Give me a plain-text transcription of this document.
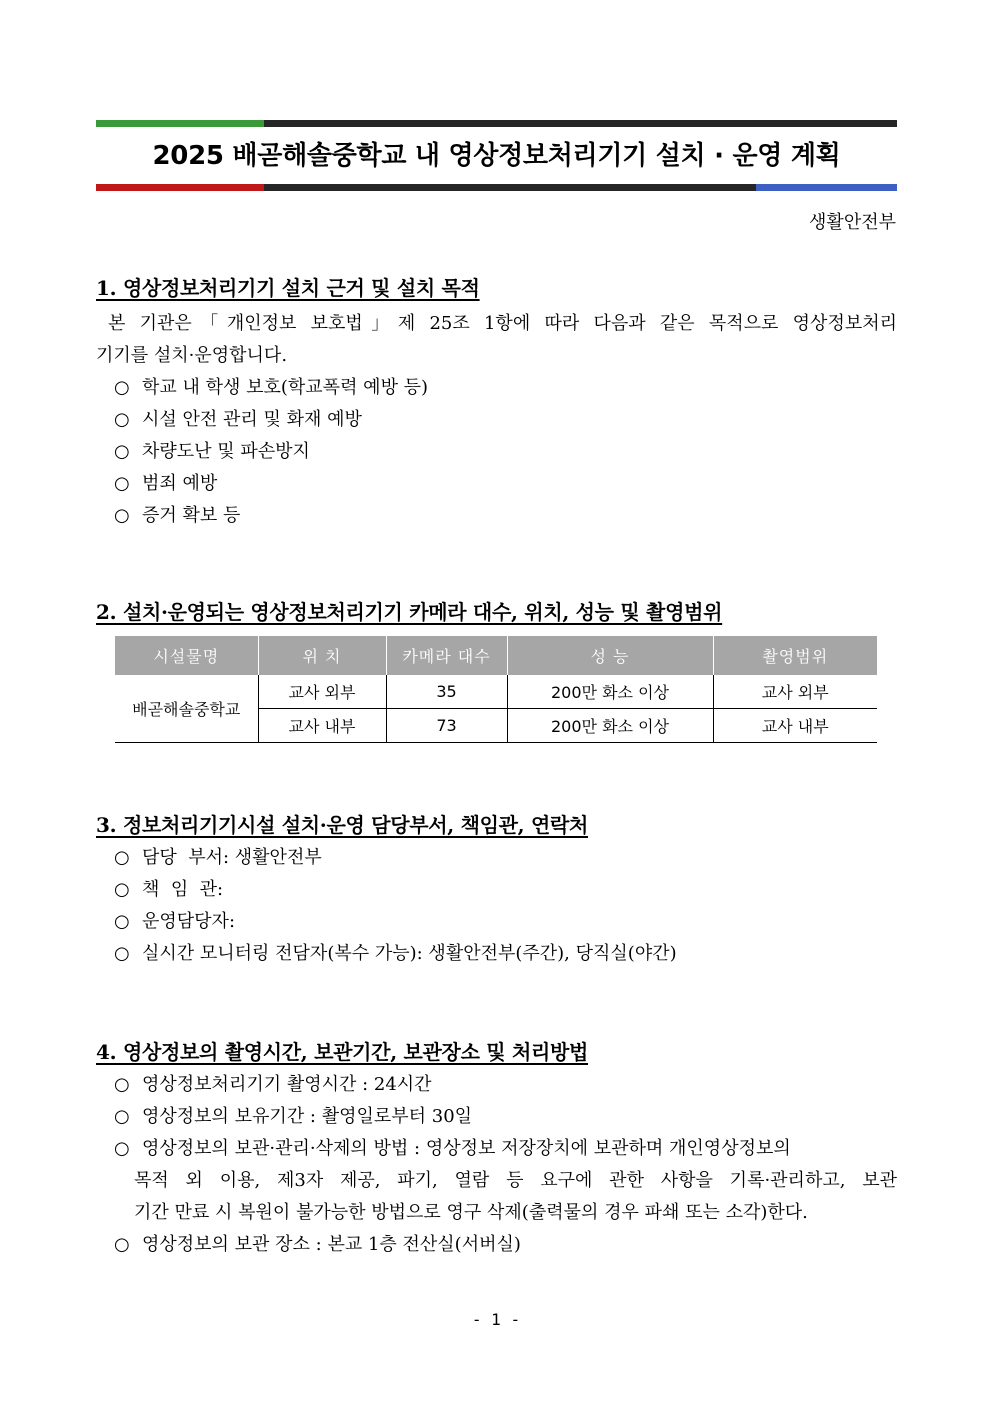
2025 배곧해솔중학교 내 영상정보처리기기 설치 · 운영 계획
생활안전부
1. 영상정보처리기기 설치 근거 및 설치 목적
본 기관은「개인정보 보호법」제 25조 1항에 따라 다음과 같은 목적으로 영상정보처리
기기를 설치·운영합니다.
○ 학교 내 학생 보호(학교폭력 예방 등)
○ 시설 안전 관리 및 화재 예방
○ 차량도난 및 파손방지
○ 범죄 예방
○ 증거 확보 등
2. 설치·운영되는 영상정보처리기기 카메라 대수, 위치, 성능 및 촬영범위
시설물명	위 치	카메라 대수	성 능	촬영범위
배곧해솔중학교	교사 외부	35	200만 화소 이상	교사 외부
	교사 내부	73	200만 화소 이상	교사 내부
3. 정보처리기기시설 설치·운영 담당부서, 책임관, 연락처
○ 담당  부서: 생활안전부
○ 책  임  관:
○ 운영담당자:
○ 실시간 모니터링 전담자(복수 가능): 생활안전부(주간), 당직실(야간)
4. 영상정보의 촬영시간, 보관기간, 보관장소 및 처리방법
○ 영상정보처리기기 촬영시간 : 24시간
○ 영상정보의 보유기간 : 촬영일로부터 30일
○ 영상정보의 보관·관리·삭제의 방법 : 영상정보 저장장치에 보관하며 개인영상정보의
목적 외 이용, 제3자 제공, 파기, 열람 등 요구에 관한 사항을 기록·관리하고, 보관
기간 만료 시 복원이 불가능한 방법으로 영구 삭제(출력물의 경우 파쇄 또는 소각)한다.
○ 영상정보의 보관 장소 : 본교 1층 전산실(서버실)
- 1 -
